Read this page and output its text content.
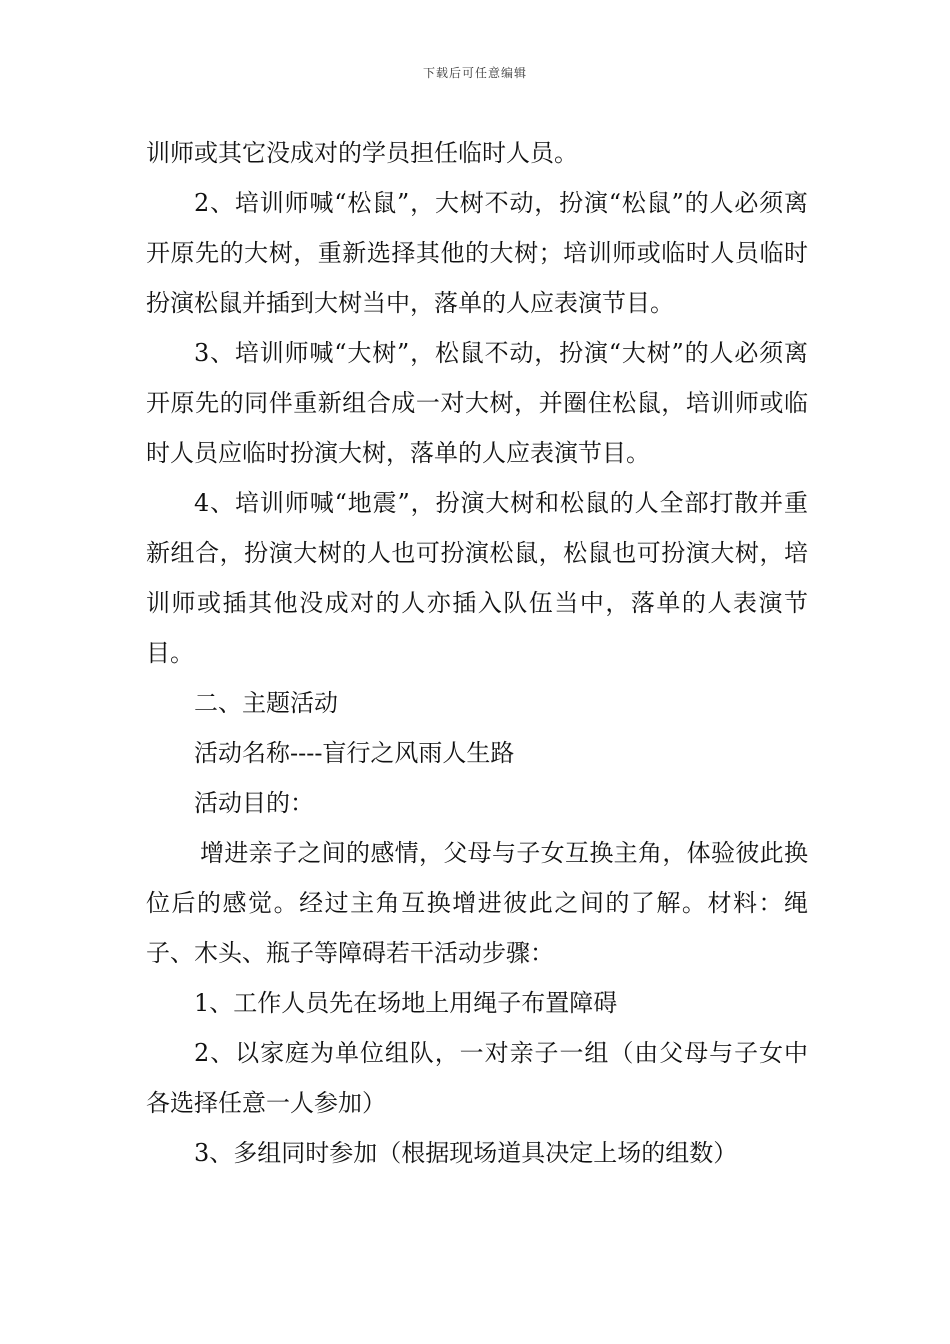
下载后可任意编辑

训师或其它没成对的学员担任临时人员。

2、培训师喊“松鼠”，大树不动，扮演“松鼠”的人必须离开原先的大树，重新选择其他的大树；培训师或临时人员临时扮演松鼠并插到大树当中，落单的人应表演节目。

3、培训师喊“大树”，松鼠不动，扮演“大树”的人必须离开原先的同伴重新组合成一对大树，并圈住松鼠，培训师或临时人员应临时扮演大树，落单的人应表演节目。

4、培训师喊“地震”，扮演大树和松鼠的人全部打散并重新组合，扮演大树的人也可扮演松鼠，松鼠也可扮演大树，培训师或插其他没成对的人亦插入队伍当中，落单的人表演节目。

二、主题活动

活动名称----盲行之风雨人生路

活动目的：

增进亲子之间的感情，父母与子女互换主角，体验彼此换位后的感觉。经过主角互换增进彼此之间的了解。材料：绳子、木头、瓶子等障碍若干活动步骤：

1、工作人员先在场地上用绳子布置障碍

2、以家庭为单位组队，一对亲子一组（由父母与子女中各选择任意一人参加）

3、多组同时参加（根据现场道具决定上场的组数）
